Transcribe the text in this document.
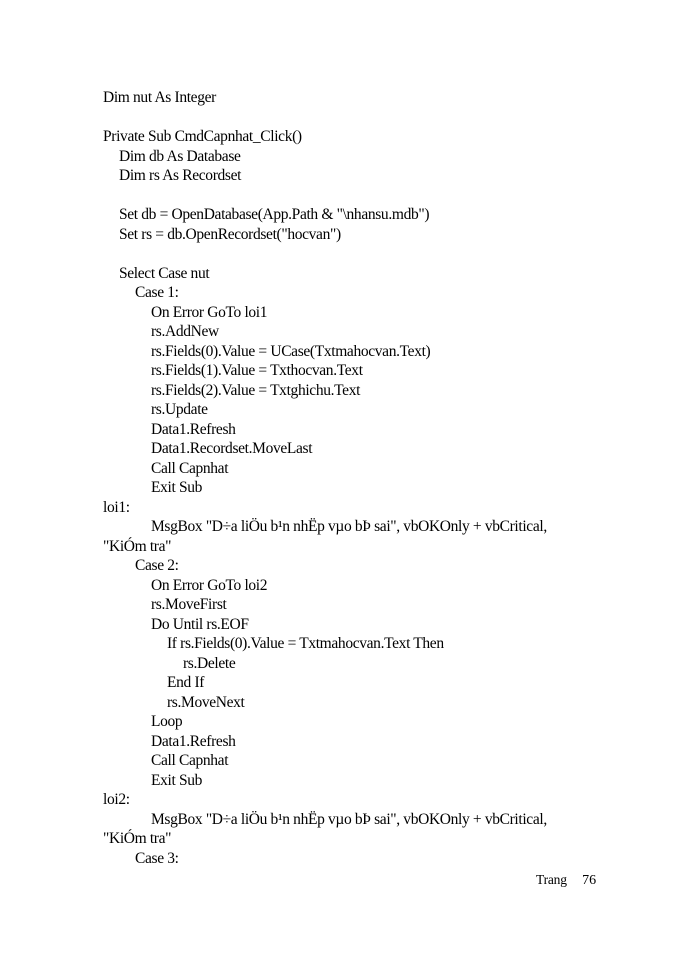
Dim nut As Integer
Private Sub CmdCapnhat_Click()
Dim db As Database
Dim rs As Recordset
Set db = OpenDatabase(App.Path & "\nhansu.mdb")
Set rs = db.OpenRecordset("hocvan")
Select Case nut
Case 1:
On Error GoTo loi1
rs.AddNew
rs.Fields(0).Value = UCase(Txtmahocvan.Text)
rs.Fields(1).Value = Txthocvan.Text
rs.Fields(2).Value = Txtghichu.Text
rs.Update
Data1.Refresh
Data1.Recordset.MoveLast
Call Capnhat
Exit Sub
loi1:
MsgBox "D÷a liÖu b¹n nhËp vµo bÞ sai", vbOKOnly + vbCritical,
"KiÓm tra"
Case 2:
On Error GoTo loi2
rs.MoveFirst
Do Until rs.EOF
If rs.Fields(0).Value = Txtmahocvan.Text Then
rs.Delete
End If
rs.MoveNext
Loop
Data1.Refresh
Call Capnhat
Exit Sub
loi2:
MsgBox "D÷a liÖu b¹n nhËp vµo bÞ sai", vbOKOnly + vbCritical,
"KiÓm tra"
Case 3:
Trang 76
